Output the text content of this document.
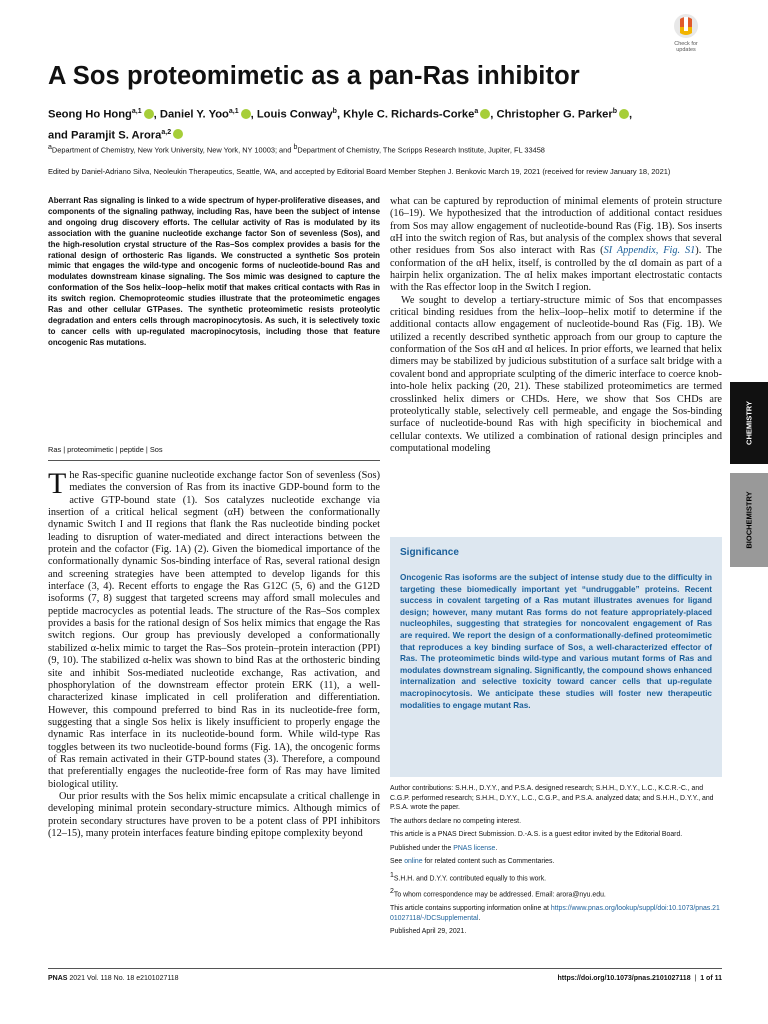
Check for
updates
A Sos proteomimetic as a pan-Ras inhibitor
Seong Ho Hong$^{a,1}$ , Daniel Y. Yoo$^{a,1}$ , Louis Conway$^b$, Khyle C. Richards-Corke$^a$ , Christopher G. Parker$^b$ ,
and Paramjit S. Arora$^{a,2}$
$^a$Department of Chemistry, New York University, New York, NY 10003; and $^b$Department of Chemistry, The Scripps Research Institute, Jupiter, FL 33458
Edited by Daniel-Adriano Silva, Neoleukin Therapeutics, Seattle, WA, and accepted by Editorial Board Member Stephen J. Benkovic March 19, 2021 (received for review January 18, 2021)
Aberrant Ras signaling is linked to a wide spectrum of hyper-proliferative diseases, and components of the signaling pathway, including Ras, have been the subject of intense and ongoing drug discovery efforts. The cellular activity of Ras is modulated by its association with the guanine nucleotide exchange factor Son of sevenless (Sos), and the high-resolution crystal structure of the Ras–Sos complex provides a basis for the rational design of orthosteric Ras ligands. We constructed a synthetic Sos protein mimic that engages the wild-type and oncogenic forms of nucleotide-bound Ras and modulates downstream kinase signaling. The Sos mimic was designed to capture the conformation of the Sos helix–loop–helix motif that makes critical contacts with Ras in its switch region. Chemoproteomic studies illustrate that the proteomimetic engages Ras and other cellular GTPases. The synthetic proteomimetic resists proteolytic degradation and enters cells through macropinocytosis. As such, it is selectively toxic to cancer cells with up-regulated macropinocytosis, including those that feature oncogenic Ras mutations.
Ras | proteomimetic | peptide | Sos

The Ras-specific guanine nucleotide exchange factor Son of sevenless (Sos) mediates the conversion of Ras from its inactive GDP-bound form to the active GTP-bound state (1). Sos catalyzes nucleotide exchange via insertion of a critical helical segment (αH) between the conformationally dynamic Switch I and II regions that flank the Ras nucleotide binding pocket leading to disruption of water-mediated and direct interactions between the protein and the cofactor (Fig. 1A) (2). Given the biomedical importance of the conformationally dynamic Sos-binding interface of Ras, several rational design and screening strategies have been attempted to develop ligands for this interface (3, 4). Recent efforts to engage the Ras G12C (5, 6) and the G12D isoforms (7, 8) suggest that targeted screens may afford small molecules and peptide macrocycles as potential leads. The structure of the Ras–Sos complex provides a basis for the rational design of Sos helix mimics that engage the Ras switch regions. Our group has previously developed a conformationally stabilized α-helix mimic to target the Ras–Sos protein–protein interaction (PPI) (9, 10). The stabilized α-helix was shown to bind Ras at the orthosteric binding site and inhibit Sos-mediated nucleotide exchange, Ras activation, and phosphorylation of the downstream effector protein ERK (11), a well-characterized kinase implicated in cell proliferation and differentiation. However, this compound preferred to bind Ras in its nucleotide-free form, suggesting that a single Sos helix is likely insufficient to properly engage the dynamic Ras interface in its nucleotide-bound form. While wild-type Ras toggles between its two nucleotide-bound forms (Fig. 1A), the oncogenic forms of Ras remain activated in their GTP-bound states (3). Therefore, a compound that preferentially engages the nucleotide-free form of Ras may have limited biological utility.

Our prior results with the Sos helix mimic encapsulate a critical challenge in developing minimal protein secondary-structure mimics. Although mimics of protein secondary structures have proven to be a potent class of PPI inhibitors (12–15), many protein interfaces feature binding epitope complexity beyond

what can be captured by reproduction of minimal elements of protein structure (16–19). We hypothesized that the introduction of additional contact residues from Sos may allow engagement of nucleotide-bound Ras (Fig. 1B). Sos inserts αH into the switch region of Ras, but analysis of the complex shows that several other residues from Sos also interact with Ras (SI Appendix, Fig. S1). The conformation of the αH helix, itself, is controlled by the αI domain as part of a hairpin helix organization. The αI helix makes important electrostatic contacts with the Ras effector loop in the Switch I region.

We sought to develop a tertiary-structure mimic of Sos that encompasses critical binding residues from the helix–loop–helix motif to determine if the additional contacts allow engagement of nucleotide-bound Ras (Fig. 1B). We utilized a recently described synthetic approach from our group to capture the conformation of the Sos αH and αI helices. In prior efforts, we learned that helix dimers may be stabilized by judicious substitution of a surface salt bridge with a covalent bond and appropriate sculpting of the dimeric interface to coerce knob-into-hole helix packing (20, 21). These stabilized proteomimetics are termed crosslinked helix dimers or CHDs. Here, we show that Sos CHDs are proteolytically stable, selectively cell permeable, and engage the Sos-binding surface of nucleotide-bound Ras with high specificity in biochemical and cellular contexts. We utilized a combination of rational design principles and computational modeling

Significance

Oncogenic Ras isoforms are the subject of intense study due to the difficulty in targeting these biomedically important yet “undruggable” proteins. Recent success in covalent targeting of a Ras mutant illustrates avenues for ligand design; however, many mutant Ras forms do not feature appropriately-placed nucleophiles, suggesting that strategies for noncovalent engagement of Ras are required. We report the design of a conformationally-defined proteomimetic that reproduces a key binding surface of Sos, a well-characterized effector of Ras. The proteomimetic binds wild-type and various mutant forms of Ras and modulates downstream signaling. Significantly, the compound shows enhanced internalization and selective toxicity toward cancer cells that up-regulate macropinocytosis. We anticipate these studies will foster new therapeutic modalities to engage mutant Ras.

Author contributions: S.H.H., D.Y.Y., and P.S.A. designed research; S.H.H., D.Y.Y., L.C., K.C.R.-C., and C.G.P. performed research; S.H.H., D.Y.Y., L.C., C.G.P., and P.S.A. analyzed data; and S.H.H., D.Y.Y., and P.S.A. wrote the paper.
The authors declare no competing interest.
This article is a PNAS Direct Submission. D.-A.S. is a guest editor invited by the Editorial Board.
Published under the PNAS license.
See online for related content such as Commentaries.
$^1$S.H.H. and D.Y.Y. contributed equally to this work.
$^2$To whom correspondence may be addressed. Email: arora@nyu.edu.
This article contains supporting information online at https://www.pnas.org/lookup/suppl/doi:10.1073/pnas.2101027118/-/DCSupplemental.
Published April 29, 2021.
CHEMISTRY
BIOCHEMISTRY
PNAS 2021 Vol. 118 No. 18 e2101027118	https://doi.org/10.1073/pnas.2101027118  |  1 of 11
